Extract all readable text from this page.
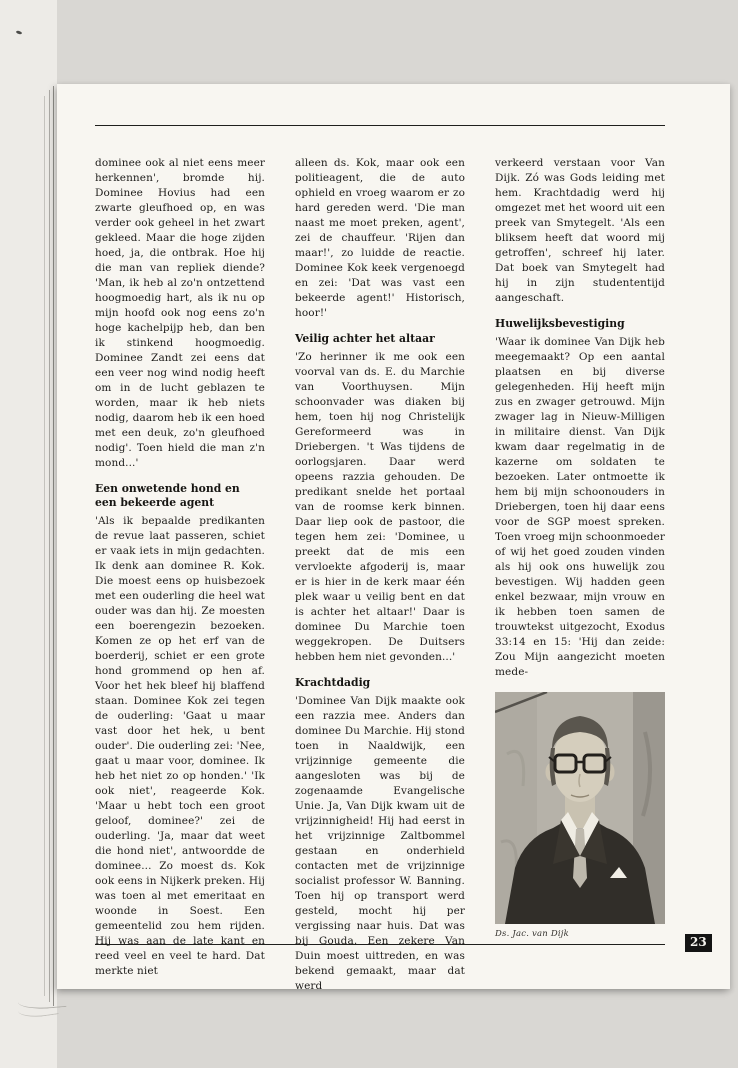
dominee ook al niet eens meer herkennen', bromde hij. Dominee Hovius had een zwarte gleufhoed op, en was verder ook geheel in het zwart gekleed. Maar die hoge zijden hoed, ja, die ontbrak. Hoe hij die man van repliek diende? 'Man, ik heb al zo'n ontzettend hoogmoedig hart, als ik nu op mijn hoofd ook nog eens zo'n hoge kachelpijp heb, dan ben ik stinkend hoogmoedig. Dominee Zandt zei eens dat een veer nog wind nodig heeft om in de lucht geblazen te worden, maar ik heb niets nodig, daarom heb ik een hoed met een deuk, zo'n gleufhoed nodig'. Toen hield die man z'n mond...'

Een onwetende hond en een bekeerde agent

'Als ik bepaalde predikanten de revue laat passeren, schiet er vaak iets in mijn gedachten. Ik denk aan dominee R. Kok. Die moest eens op huisbezoek met een ouderling die heel wat ouder was dan hij. Ze moesten een boerengezin bezoeken. Komen ze op het erf van de boerderij, schiet er een grote hond grommend op hen af. Voor het hek bleef hij blaffend staan. Dominee Kok zei tegen de ouderling: 'Gaat u maar vast door het hek, u bent ouder'. Die ouderling zei: 'Nee, gaat u maar voor, dominee. Ik heb het niet zo op honden.' 'Ik ook niet', reageerde Kok. 'Maar u hebt toch een groot geloof, dominee?' zei de ouderling. 'Ja, maar dat weet die hond niet', antwoordde de dominee... Zo moest ds. Kok ook eens in Nijkerk preken. Hij was toen al met emeritaat en woonde in Soest. Een gemeentelid zou hem rijden. Hij was aan de late kant en reed veel en veel te hard. Dat merkte niet

alleen ds. Kok, maar ook een politieagent, die de auto ophield en vroeg waarom er zo hard gereden werd. 'Die man naast me moet preken, agent', zei de chauffeur. 'Rijen dan maar!', zo luidde de reactie. Dominee Kok keek vergenoegd en zei: 'Dat was vast een bekeerde agent!' Historisch, hoor!'

Veilig achter het altaar

'Zo herinner ik me ook een voorval van ds. E. du Marchie van Voorthuysen. Mijn schoonvader was diaken bij hem, toen hij nog Christelijk Gereformeerd was in Driebergen. 't Was tijdens de oorlogsjaren. Daar werd opeens razzia gehouden. De predikant snelde het portaal van de roomse kerk binnen. Daar liep ook de pastoor, die tegen hem zei: 'Dominee, u preekt dat de mis een vervloekte afgoderij is, maar er is hier in de kerk maar één plek waar u veilig bent en dat is achter het altaar!' Daar is dominee Du Marchie toen weggekropen. De Duitsers hebben hem niet gevonden...'

Krachtdadig

'Dominee Van Dijk maakte ook een razzia mee. Anders dan dominee Du Marchie. Hij stond toen in Naaldwijk, een vrijzinnige gemeente die aangesloten was bij de zogenaamde Evangelische Unie. Ja, Van Dijk kwam uit de vrijzinnigheid! Hij had eerst in het vrijzinnige Zaltbommel gestaan en onderhield contacten met de vrijzinnige socialist professor W. Banning. Toen hij op transport werd gesteld, mocht hij per vergissing naar huis. Dat was bij Gouda. Een zekere Van Duin moest uittreden, en was bekend gemaakt, maar dat werd

verkeerd verstaan voor Van Dijk. Zó was Gods leiding met hem. Krachtdadig werd hij omgezet met het woord uit een preek van Smytegelt. 'Als een bliksem heeft dat woord mij getroffen', schreef hij later. Dat boek van Smytegelt had hij in zijn studententijd aangeschaft.

Huwelijksbevestiging

'Waar ik dominee Van Dijk heb meegemaakt? Op een aantal plaatsen en bij diverse gelegenheden. Hij heeft mijn zus en zwager getrouwd. Mijn zwager lag in Nieuw-Milligen in militaire dienst. Van Dijk kwam daar regelmatig in de kazerne om soldaten te bezoeken. Later ontmoette ik hem bij mijn schoonouders in Driebergen, toen hij daar eens voor de SGP moest spreken. Toen vroeg mijn schoonmoeder of wij het goed zouden vinden als hij ook ons huwelijk zou bevestigen. Wij hadden geen enkel bezwaar, mijn vrouw en ik hebben toen samen de trouwtekst uitgezocht, Exodus 33:14 en 15: 'Hij dan zeide: Zou Mijn aangezicht moeten mede-

Ds. Jac. van Dijk
23
